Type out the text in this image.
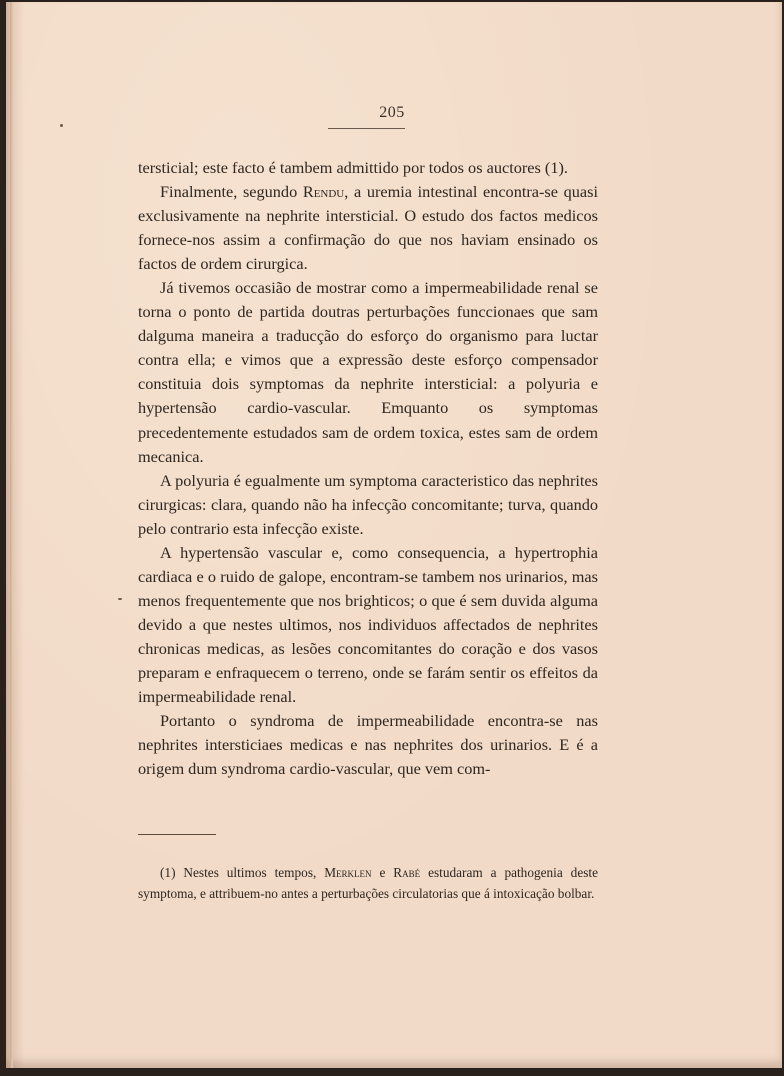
205

tersticial; este facto é tambem admittido por todos os auctores (1).

Finalmente, segundo Rendu, a uremia intestinal encontra-se quasi exclusivamente na nephrite intersticial. O estudo dos factos medicos fornece-nos assim a confirmação do que nos haviam ensinado os factos de ordem cirurgica.

Já tivemos occasião de mostrar como a impermeabilidade renal se torna o ponto de partida doutras perturbações funccionaes que sam dalguma maneira a traducção do esforço do organismo para luctar contra ella; e vimos que a expressão deste esforço compensador constituia dois symptomas da nephrite intersticial: a polyuria e hypertensão cardio-vascular. Emquanto os symptomas precedentemente estudados sam de ordem toxica, estes sam de ordem mecanica.

A polyuria é egualmente um symptoma caracteristico das nephrites cirurgicas: clara, quando não ha infecção concomitante; turva, quando pelo contrario esta infecção existe.

A hypertensão vascular e, como consequencia, a hypertrophia cardiaca e o ruido de galope, encontram-se tambem nos urinarios, mas menos frequentemente que nos brighticos; o que é sem duvida alguma devido a que nestes ultimos, nos individuos affectados de nephrites chronicas medicas, as lesões concomitantes do coração e dos vasos preparam e enfraquecem o terreno, onde se farám sentir os effeitos da impermeabilidade renal.

Portanto o syndroma de impermeabilidade encontra-se nas nephrites intersticiaes medicas e nas nephrites dos urinarios. E é a origem dum syndroma cardio-vascular, que vem com-

(1) Nestes ultimos tempos, Merklen e Rabé estudaram a pathogenia deste symptoma, e attribuem-no antes a perturbações circulatorias que á intoxicação bolbar.
